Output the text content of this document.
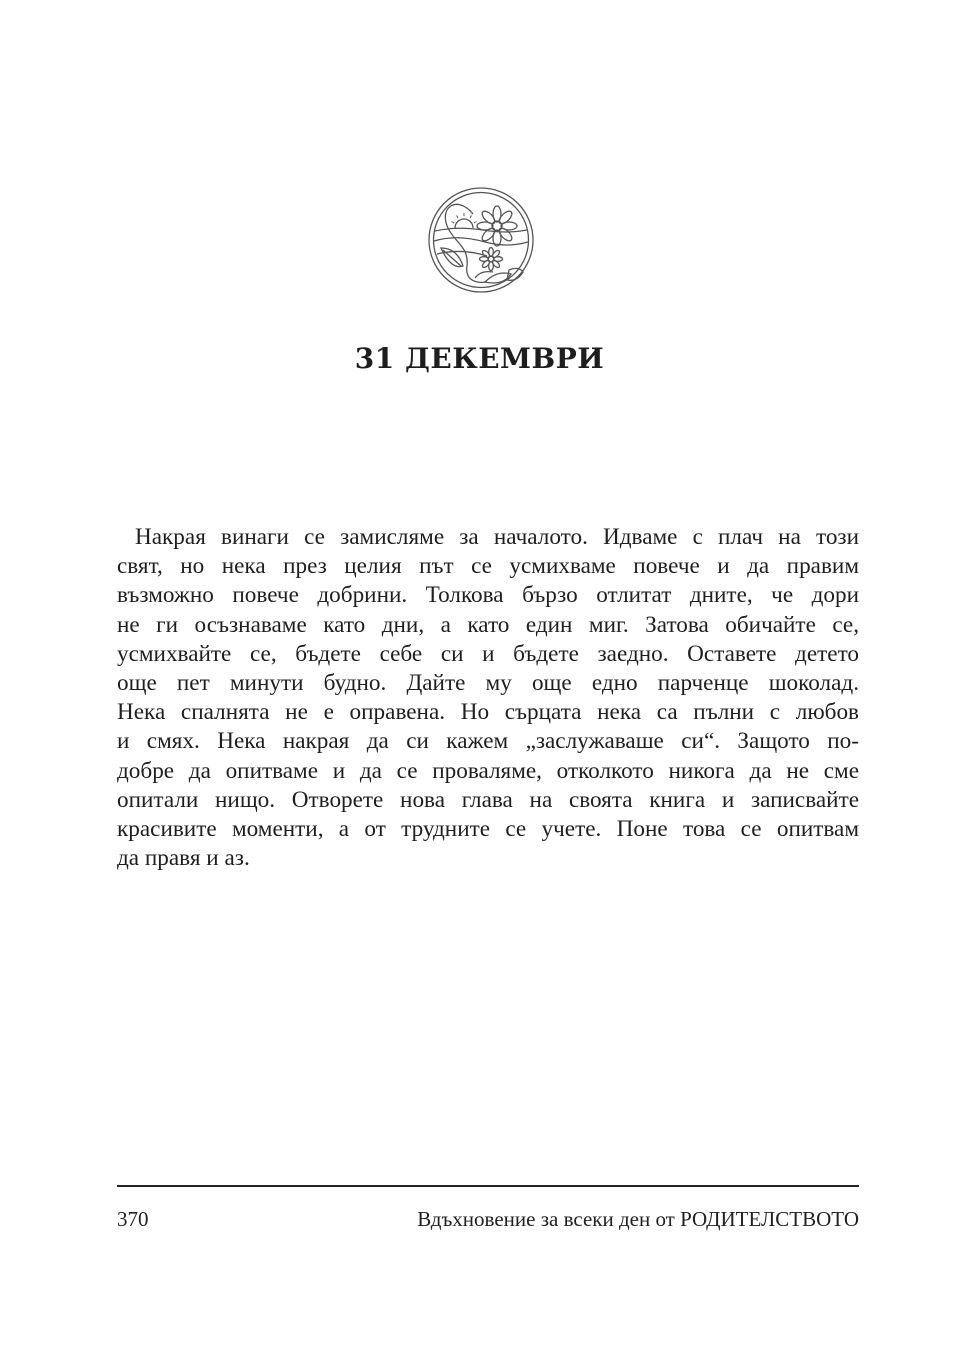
31 ДЕКЕМВРИ
Накрая винаги се замисляме за началото. Идваме с плач на този
свят, но нека през целия път се усмихваме повече и да правим
възможно повече добрини. Толкова бързо отлитат дните, че дори
не ги осъзнаваме като дни, а като един миг. Затова обичайте се,
усмихвайте се, бъдете себе си и бъдете заедно. Оставете детето
още пет минути будно. Дайте му още едно парченце шоколад.
Нека спалнята не е оправена. Но сърцата нека са пълни с любов
и смях. Нека накрая да си кажем „заслужаваше си“. Защото по-
добре да опитваме и да се проваляме, отколкото никога да не сме
опитали нищо. Отворете нова глава на своята книга и записвайте
красивите моменти, а от трудните се учете. Поне това се опитвам
да правя и аз.
370	Вдъхновение за всеки ден от РОДИТЕЛСТВОТО
